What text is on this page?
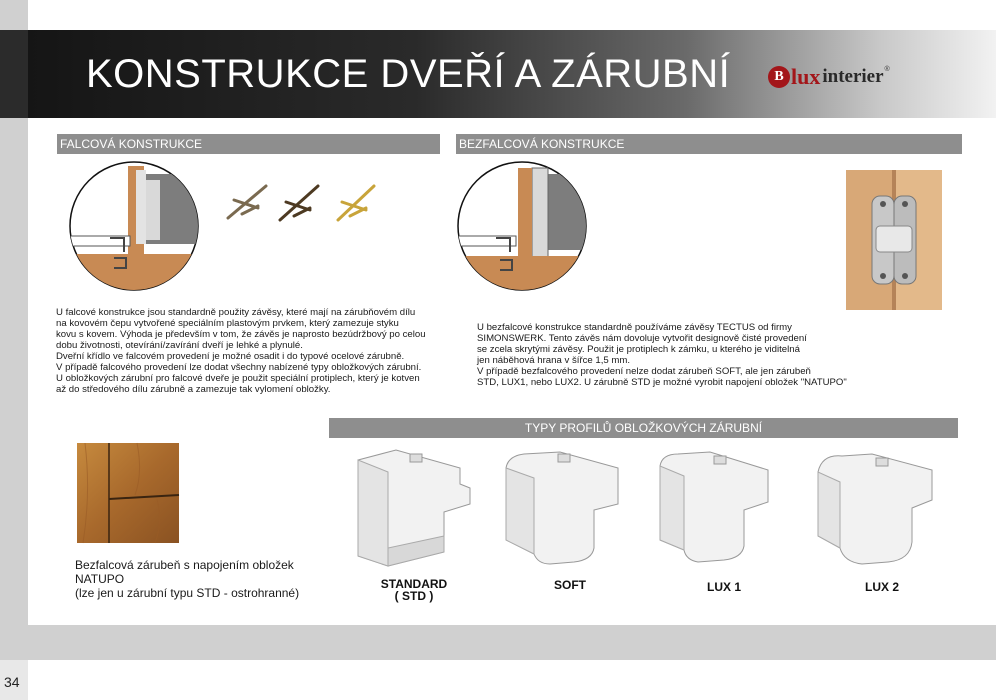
KONSTRUKCE DVEŘÍ A ZÁRUBNÍ	B lux interier ®
FALCOVÁ KONSTRUKCE	BEZFALCOVÁ KONSTRUKCE
TYPY PROFILŮ OBLOŽKOVÝCH ZÁRUBNÍ

U falcové konstrukce jsou standardně použity závěsy, které mají na zárubňovém dílu

na kovovém čepu vytvořené speciálním plastovým prvkem, který zamezuje styku

kovu s kovem. Výhoda je především v tom, že závěs je naprosto bezúdržbový po celou

dobu životnosti, otevírání/zavírání dveří je lehké a plynulé.

Dveřní křídlo ve falcovém provedení je možné osadit i do typové ocelové zárubně.

V případě falcového provedení lze dodat všechny nabízené typy obložkových zárubní.

U obložkových zárubní pro falcové dveře je použit speciální protiplech, který je kotven

až do středového dílu zárubně a zamezuje tak vylomení obložky.

U bezfalcové konstrukce standardně používáme závěsy TECTUS od firmy

SIMONSWERK. Tento závěs nám dovoluje vytvořit designově čisté provedení

se zcela skrytými závěsy. Použit je protiplech k zámku, u kterého je viditelná

jen náběhová hrana v šířce 1,5 mm.

V případě bezfalcového provedení nelze dodat zárubeň SOFT, ale jen zárubeň

STD, LUX1, nebo LUX2. U zárubně STD je možné vyrobit napojení obložek "NATUPO"

Bezfalcová zárubeň s napojením obložek

NATUPO

(lze jen u zárubní typu STD - ostrohranné)

STANDARD
( STD )
SOFT	LUX 1	LUX 2
34
